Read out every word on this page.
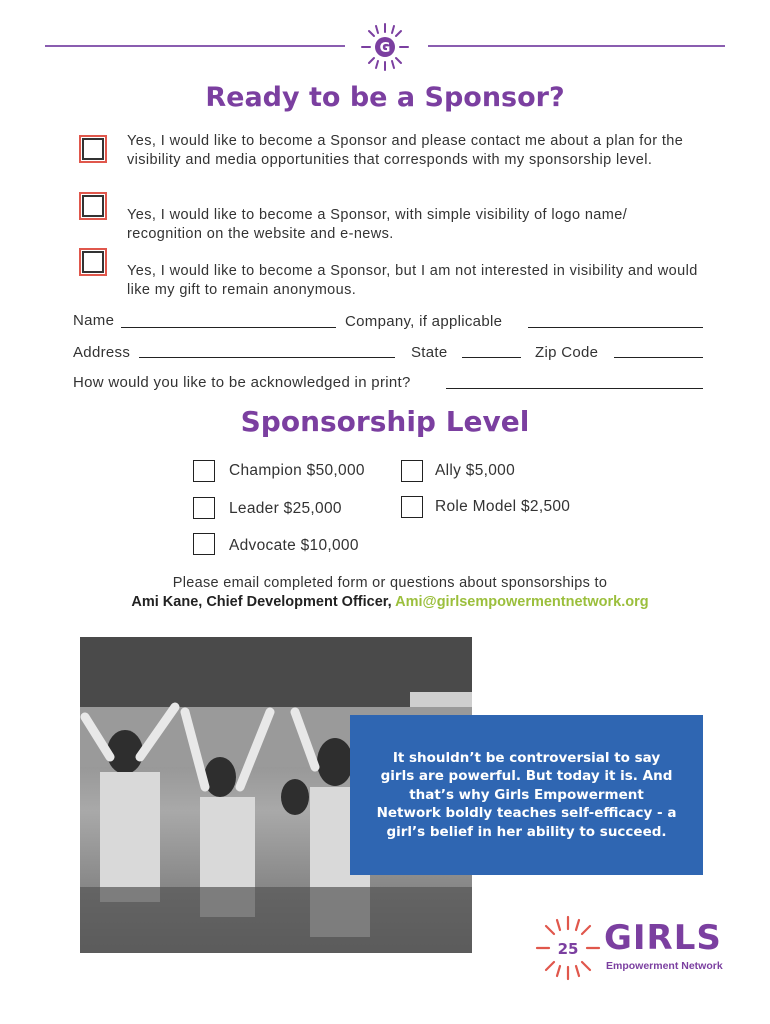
G
Ready to be a Sponsor?
Yes, I would like to become a Sponsor and please contact me about a plan for the visibility and media opportunities that corresponds with my sponsorship level.
Yes, I would like to become a Sponsor, with simple visibility of logo name/ recognition on the website and e-news.
Yes, I would like to become a Sponsor, but I am not interested in visibility and would like my gift to remain anonymous.
Name	Company, if applicable
Address	State	Zip Code
How would you like to be acknowledged in print?
Sponsorship Level
Champion $50,000	Ally $5,000
Leader $25,000	Role Model $2,500
Advocate $10,000
Please email completed form or questions about sponsorships to
Ami Kane, Chief Development Officer, Ami@girlsempowermentnetwork.org
It shouldn’t be controversial to say girls are powerful. But today it is. And that’s why Girls Empowerment Network boldly teaches self-efficacy - a girl’s belief in her ability to succeed.
25 GIRLS
Empowerment Network
